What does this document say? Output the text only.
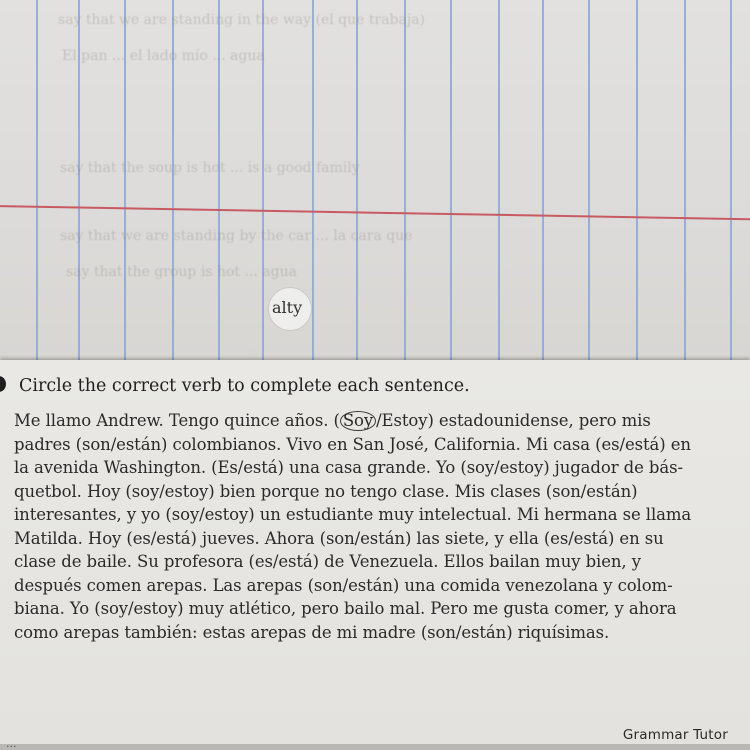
say that we are standing in the way (el que trabaja)
El pan ... el lado mío ... agua
say that the soup is hot ... is a good family
say that we are standing by the car ... la cara que
say that the group is hot ... agua
alty
Circle the correct verb to complete each sentence.
Me llamo Andrew. Tengo quince años. ( Soy /Estoy) estadounidense, pero mis
padres (son/están) colombianos. Vivo en San José, California. Mi casa (es/está) en
la avenida Washington. (Es/está) una casa grande. Yo (soy/estoy) jugador de bás-
quetbol. Hoy (soy/estoy) bien porque no tengo clase. Mis clases (son/están)
interesantes, y yo (soy/estoy) un estudiante muy intelectual. Mi hermana se llama
Matilda. Hoy (es/está) jueves. Ahora (son/están) las siete, y ella (es/está) en su
clase de baile. Su profesora (es/está) de Venezuela. Ellos bailan muy bien, y
después comen arepas. Las arepas (son/están) una comida venezolana y colom-
biana. Yo (soy/estoy) muy atlético, pero bailo mal. Pero me gusta comer, y ahora
como arepas también: estas arepas de mi madre (son/están) riquísimas.
Grammar Tutor
...
